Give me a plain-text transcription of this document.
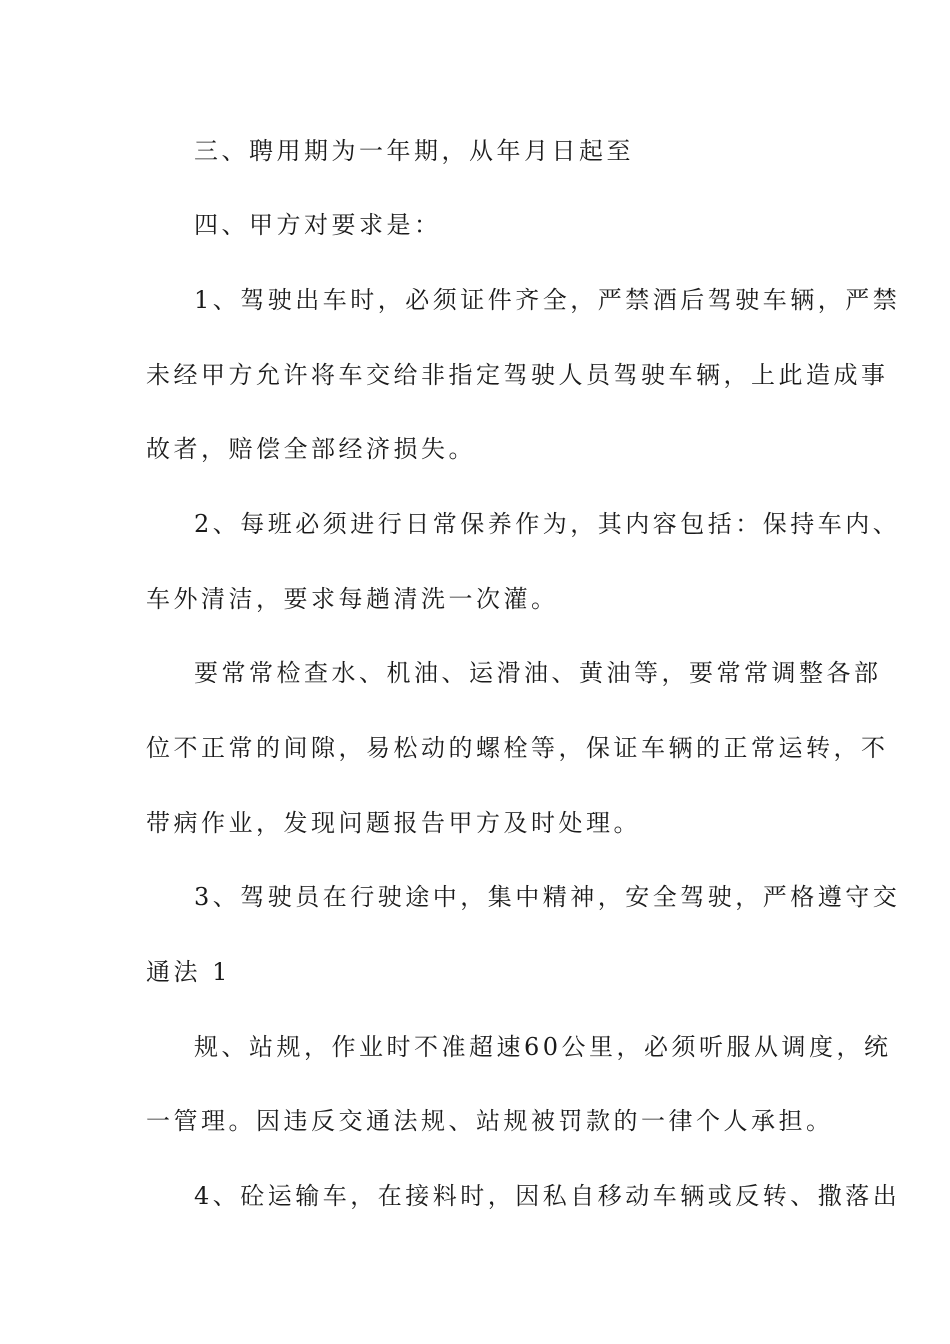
三、聘用期为一年期，从年月日起至
四、甲方对要求是：
1、驾驶出车时，必须证件齐全，严禁酒后驾驶车辆，严禁
未经甲方允许将车交给非指定驾驶人员驾驶车辆，上此造成事
故者，赔偿全部经济损失。
2、每班必须进行日常保养作为，其内容包括：保持车内、
车外清洁，要求每趟清洗一次灌。
要常常检查水、机油、运滑油、黄油等，要常常调整各部
位不正常的间隙，易松动的螺栓等，保证车辆的正常运转，不
带病作业，发现问题报告甲方及时处理。
3、驾驶员在行驶途中，集中精神，安全驾驶，严格遵守交
通法 1
规、站规，作业时不准超速60公里，必须听服从调度，统
一管理。因违反交通法规、站规被罚款的一律个人承担。
4、砼运输车，在接料时，因私自移动车辆或反转、撒落出
